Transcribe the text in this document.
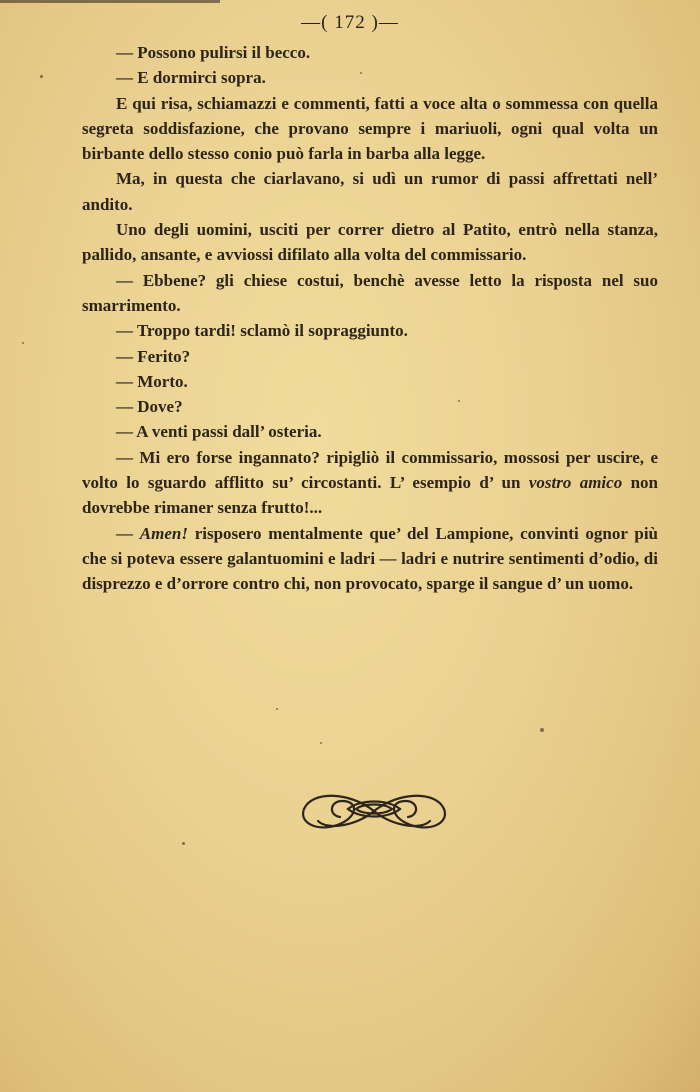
—( 172 )—

— Possono pulirsi il becco.

— E dormirci sopra.

E qui risa, schiamazzi e commenti, fatti a voce alta o sommessa con quella segreta soddisfazione, che provano sempre i mariuoli, ogni qual volta un birbante dello stesso conio può farla in barba alla legge.

Ma, in questa che ciarlavano, si udì un rumor di passi affrettati nell’ andito.

Uno degli uomini, usciti per correr dietro al Patito, entrò nella stanza, pallido, ansante, e avviossi difilato alla volta del commissario.

— Ebbene? gli chiese costui, benchè avesse letto la risposta nel suo smarrimento.

— Troppo tardi! sclamò il sopraggiunto.

— Ferito?

— Morto.

— Dove?

— A venti passi dall’ osteria.

— Mi ero forse ingannato? ripigliò il commissario, mossosi per uscire, e volto lo sguardo afflitto su’ circostanti. L’ esempio d’ un vostro amico non dovrebbe rimaner senza frutto!...

— Amen! risposero mentalmente que’ del Lampione, convinti ognor più che si poteva essere galantuomini e ladri — ladri e nutrire sentimenti d’odio, di disprezzo e d’orrore contro chi, non provocato, sparge il sangue d’ un uomo.
